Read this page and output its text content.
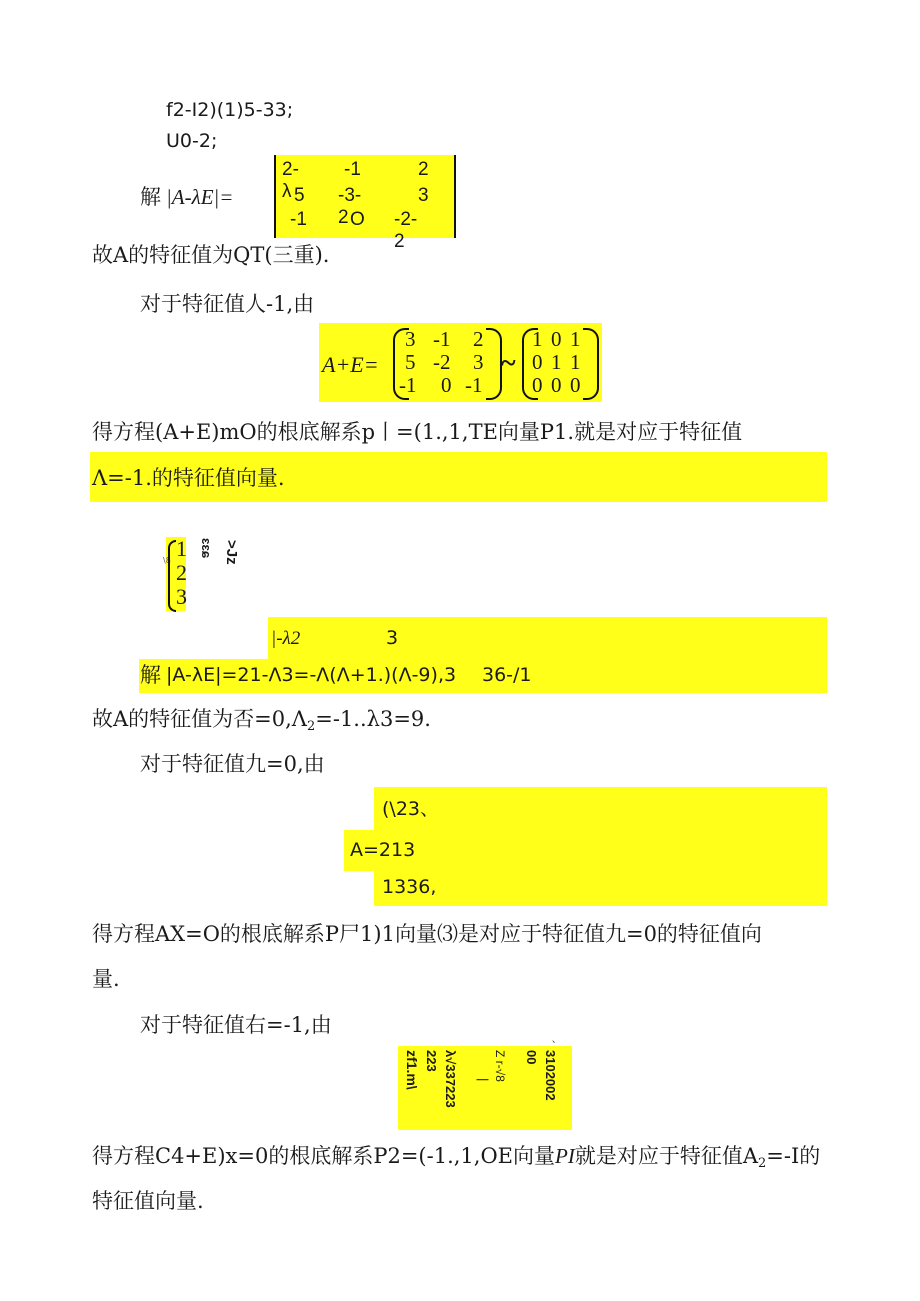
f2-I2)(1)5-33;
U0-2;
解 |A-λE|=
2-λ
-1	2
5 -3-2
3
-1 O -2-2
故A的特征值为QT(三重).
对于特征值人-1,由
A+E=
3 -1 2
5 -2 3
-1 0 -1
~
1 0 1
0 1 1
0 0 0
得方程(A+E)mO的根底解系p丨=(1.,1,TE向量P1.就是对应于特征值
Λ=-1.的特征值向量.
\8 1
2
3
ɛɛɕ >Jz
|-λ2	3
解 |A-λE|=21-Λ3=-Λ(Λ+1.)(Λ-9),3 36-/1
故A的特征值为否$=0,\Lambda_2=-1..\lambda 3=9$.
对于特征值九=0,由
(\23、
A=213
1336,
得方程AX=O的根底解系P尸1)1向量⑶是对应于特征值九=0的特征值向
量.
对于特征值右=-1,由
zf1.m\ 223 λ√337223 | Z r-√8 00 3102002
、
得方程C4+E)x=0的根底解系P2=(-1.,1,OE向量PI就是对应于特征值$A_2=-I$的
特征值向量.
